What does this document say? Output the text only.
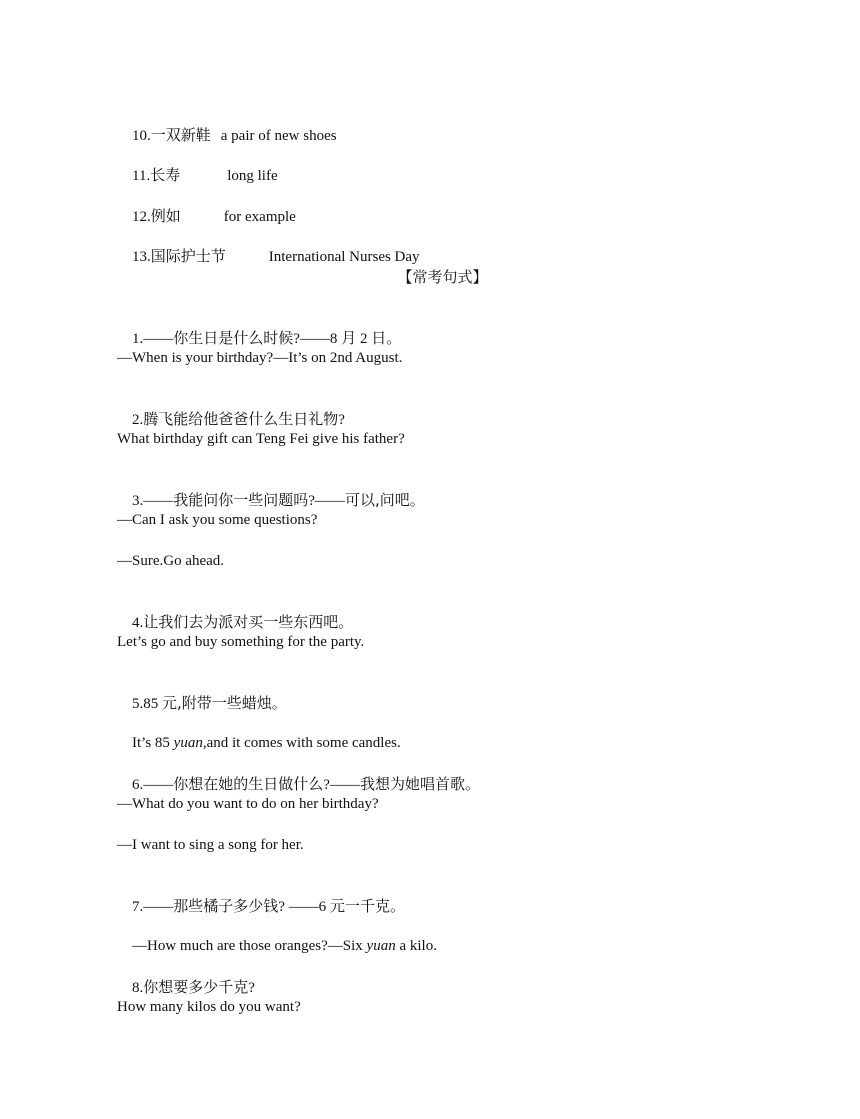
10.一双新鞋 a pair of new shoes

11.长寿	long life

12.例如	for example

13.国际护士节	International Nurses Day

【常考句式】

1.——你生日是什么时候?——8 月 2 日。

—When is your birthday?—It’s on 2nd August.

2.腾飞能给他爸爸什么生日礼物?

What birthday gift can Teng Fei give his father?

3.——我能问你一些问题吗?——可以,问吧。

—Can I ask you some questions?
—Sure.Go ahead.

4.让我们去为派对买一些东西吧。

Let’s go and buy something for the party.

5.85 元,附带一些蜡烛。

It’s 85 yuan,and it comes with some candles.

6.——你想在她的生日做什么?——我想为她唱首歌。

—What do you want to do on her birthday?
—I want to sing a song for her.

7.——那些橘子多少钱? ——6 元一千克。

—How much are those oranges?—Six yuan a kilo.

8.你想要多少千克?

How many kilos do you want?
